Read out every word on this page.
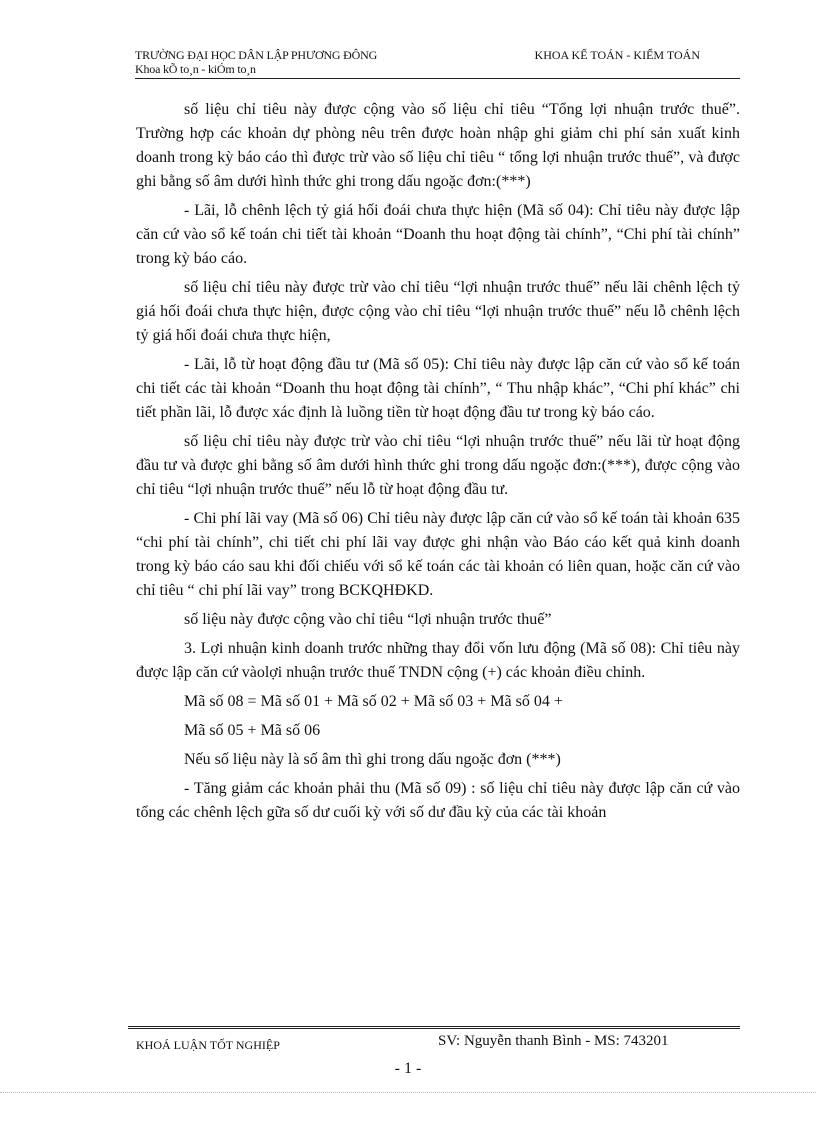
TRƯỜNG ĐẠI HỌC DÂN LẬP PHƯƠNG ĐÔNG
Khoa kÕ to¸n - kiÓm to¸n
KHOA KẾ TOÁN - KIỂM TOÁN

số liệu chỉ tiêu này được cộng vào số liệu chỉ tiêu “Tổng lợi nhuận trước thuế”. Trường hợp các khoản dự phòng nêu trên được hoàn nhập ghi giảm chi phí sản xuất kinh doanh trong kỳ báo cáo thì được trừ vào số liệu chỉ tiêu “ tổng lợi nhuận trước thuế”, và được ghi bằng số âm dưới hình thức ghi trong dấu ngoặc đơn:(***)

- Lãi, lỗ chênh lệch tỷ giá hối đoái chưa thực hiện (Mã số 04): Chỉ tiêu này được lập căn cứ vào sổ kế toán chi tiết tài khoản “Doanh thu hoạt động tài chính”, “Chi phí tài chính” trong kỳ báo cáo.

số liệu chỉ tiêu này được trừ vào chỉ tiêu “lợi nhuận trước thuế” nếu lãi chênh lệch tỷ giá hối đoái chưa thực hiện, được cộng vào chỉ tiêu “lợi nhuận trước thuế” nếu lỗ chênh lệch tỷ giá hối đoái chưa thực hiện,

- Lãi, lỗ từ hoạt động đầu tư (Mã số 05): Chỉ tiêu này được lập căn cứ vào sổ kế toán chi tiết các tài khoản “Doanh thu hoạt động tài chính”, “ Thu nhập khác”, “Chi phí khác” chi tiết phần lãi, lỗ được xác định là luồng tiền từ hoạt động đầu tư trong kỳ báo cáo.

số liệu chỉ tiêu này được trừ vào chỉ tiêu “lợi nhuận trước thuế” nếu lãi từ hoạt động đầu tư và được ghi bằng số âm dưới hình thức ghi trong dấu ngoặc đơn:(***), được cộng vào chỉ tiêu “lợi nhuận trước thuế” nếu lỗ từ hoạt động đầu tư.

- Chi phí lãi vay (Mã số 06) Chỉ tiêu này được lập căn cứ vào sổ kế toán tài khoản 635 “chi phí tài chính”, chi tiết chi phí lãi vay được ghi nhận vào Báo cáo kết quả kinh doanh trong kỳ báo cáo sau khi đối chiếu với sổ kế toán các tài khoản có liên quan, hoặc căn cứ vào chỉ tiêu “ chi phí lãi vay” trong BCKQHĐKD.

số liệu này được cộng vào chỉ tiêu “lợi nhuận trước thuế”

3. Lợi nhuận kinh doanh trước những thay đổi vốn lưu động (Mã số 08): Chỉ tiêu này được lập căn cứ vàolợi nhuận trước thuế TNDN cộng (+) các khoản điều chỉnh.

Mã số 08 = Mã số 01 + Mã số 02 + Mã số 03 + Mã số 04 +

Mã số 05 + Mã số 06

Nếu số liệu này là số âm thì ghi trong dấu ngoặc đơn (***)

- Tăng giảm các khoản phải thu (Mã số 09) : số liệu chỉ tiêu này được lập căn cứ vào tổng các chênh lệch gữa số dư cuối kỳ với số dư đầu kỳ của các tài khoản

KHOÁ LUẬN TỐT NGHIỆP	SV: Nguyễn thanh Bình - MS: 743201
- 1 -
